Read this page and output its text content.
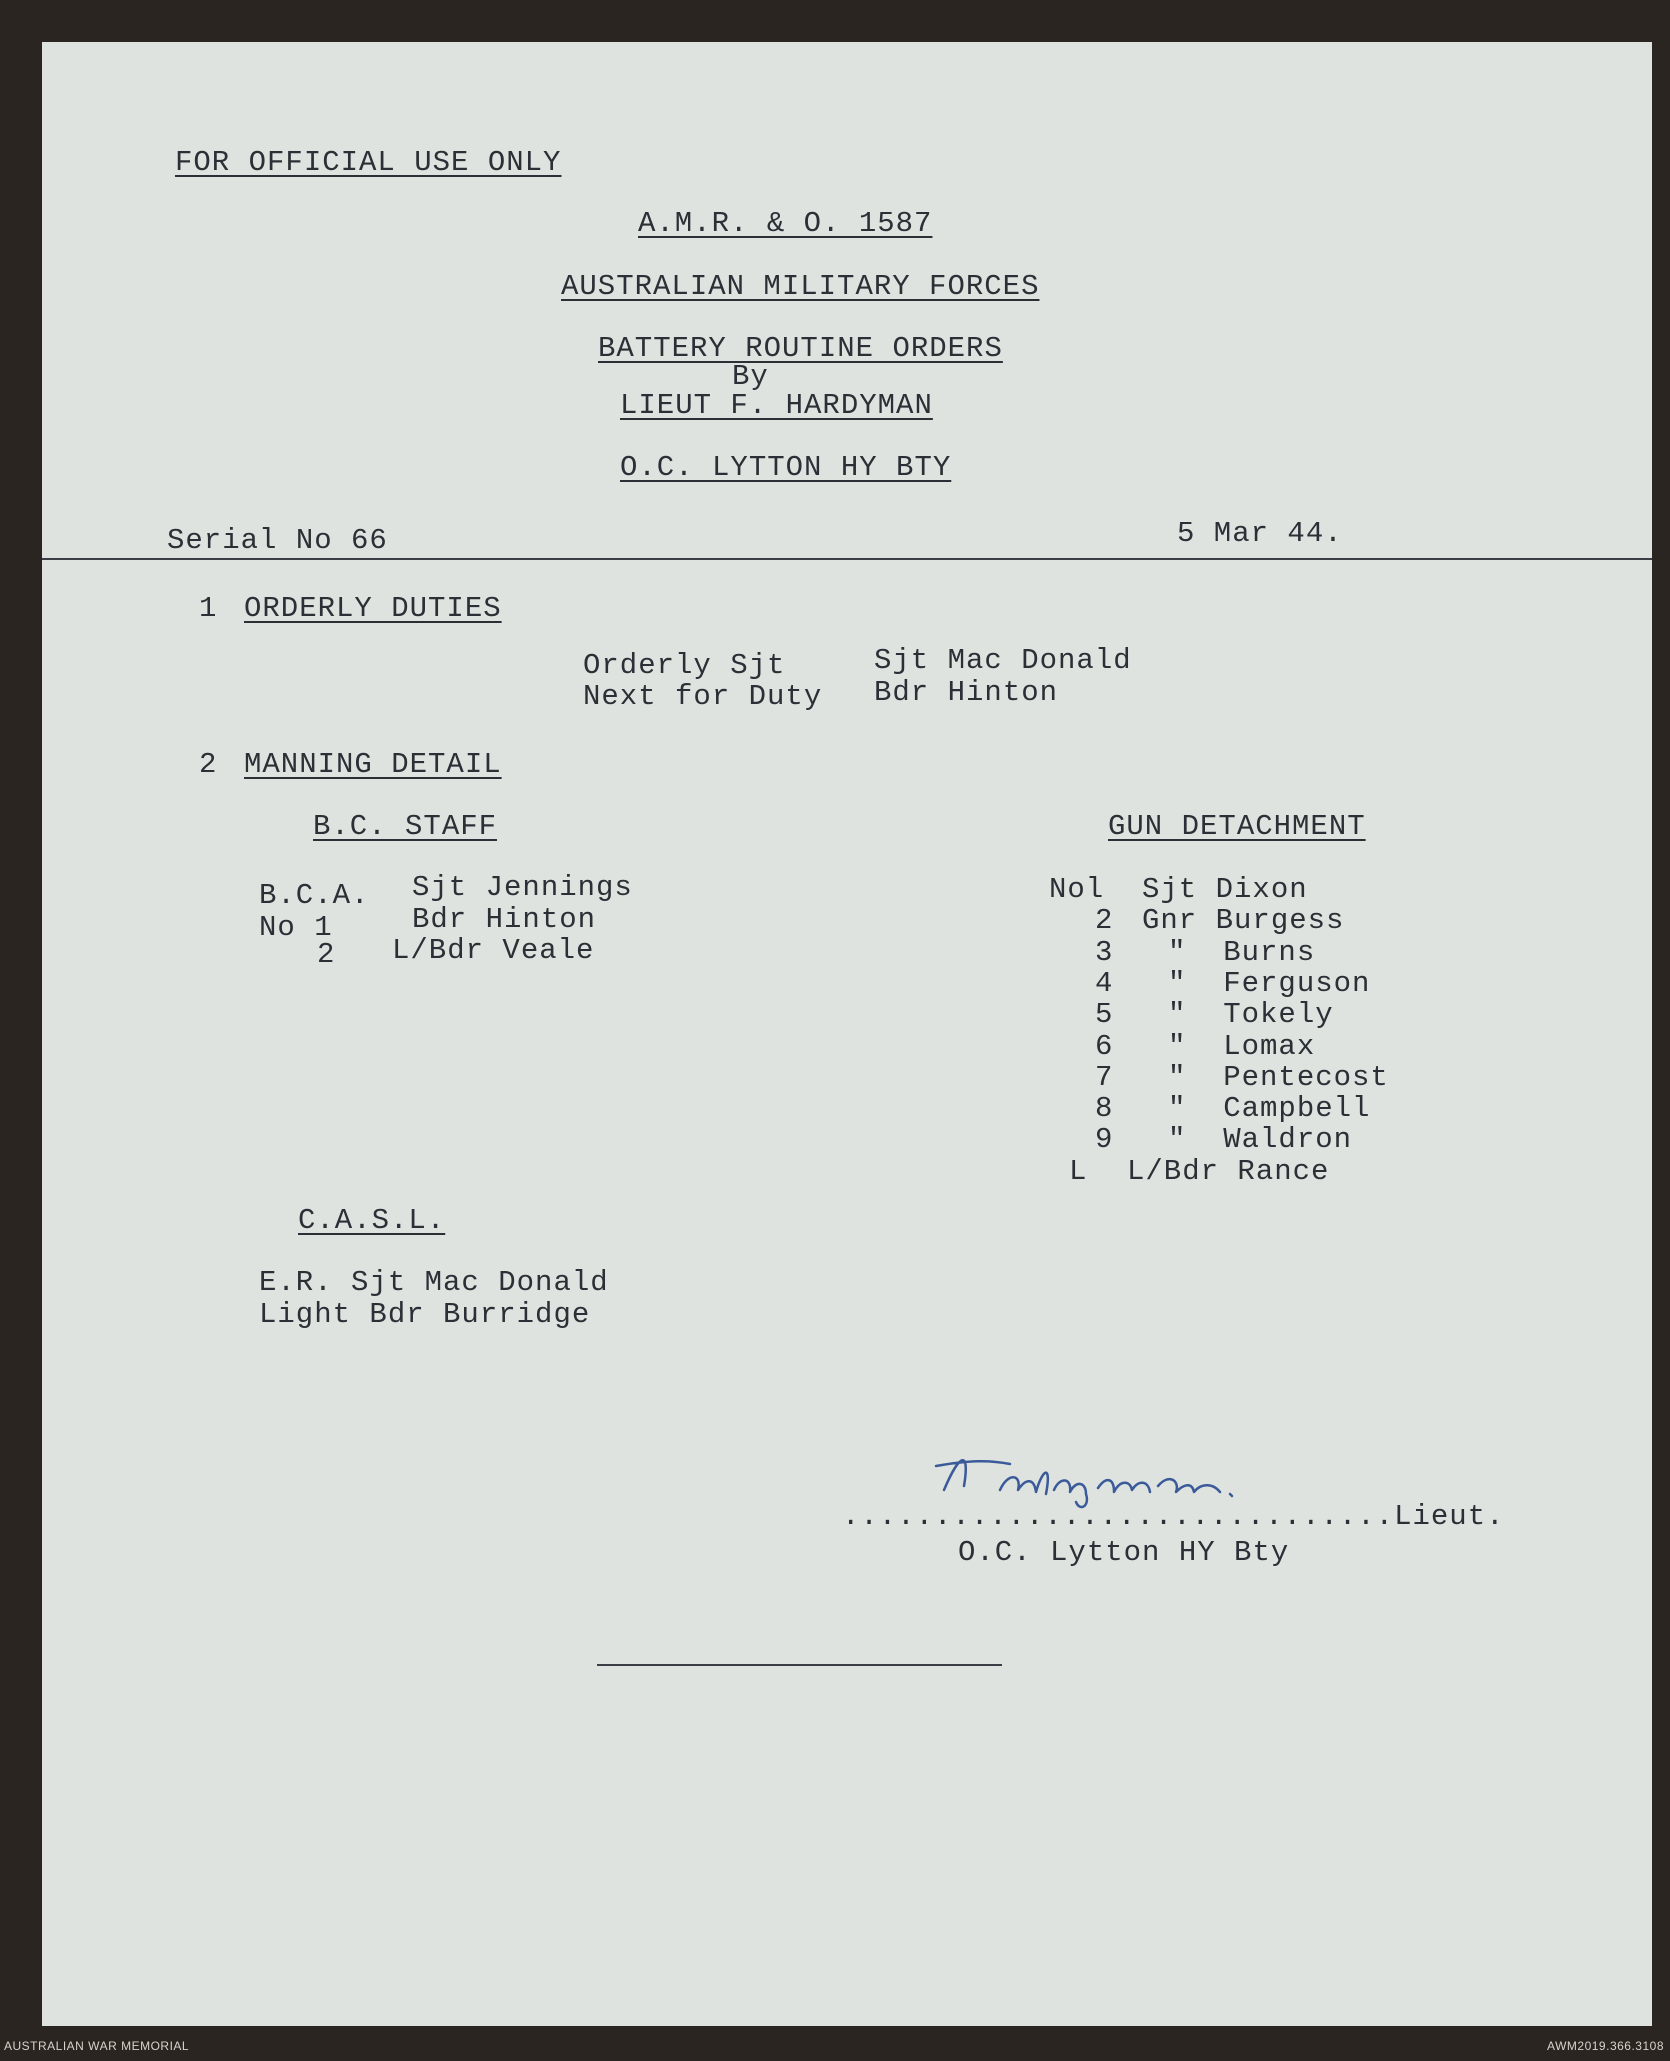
FOR OFFICIAL USE ONLY
A.M.R. & O. 1587
AUSTRALIAN MILITARY FORCES
BATTERY ROUTINE ORDERS
By
LIEUT F. HARDYMAN
O.C. LYTTON HY BTY
Serial No 66	5 Mar 44.
1 ORDERLY DUTIES
Orderly Sjt	Sjt Mac Donald
Next for Duty Bdr Hinton
2 MANNING DETAIL
B.C. STAFF
B.C.A. Sjt Jennings
No 1	Bdr Hinton
2 L/Bdr Veale
GUN DETACHMENT
Nol Sjt Dixon
2 Gnr Burgess
3 "  Burns
4 "  Ferguson
5 "  Tokely
6 "  Lomax
7 "  Pentecost
8 "  Campbell
9 "  Waldron
L L/Bdr Rance
C.A.S.L.
E.R. Sjt Mac Donald
Light Bdr Burridge
..............................Lieut.
O.C. Lytton HY Bty
AUSTRALIAN WAR MEMORIAL	AWM2019.366.3108
